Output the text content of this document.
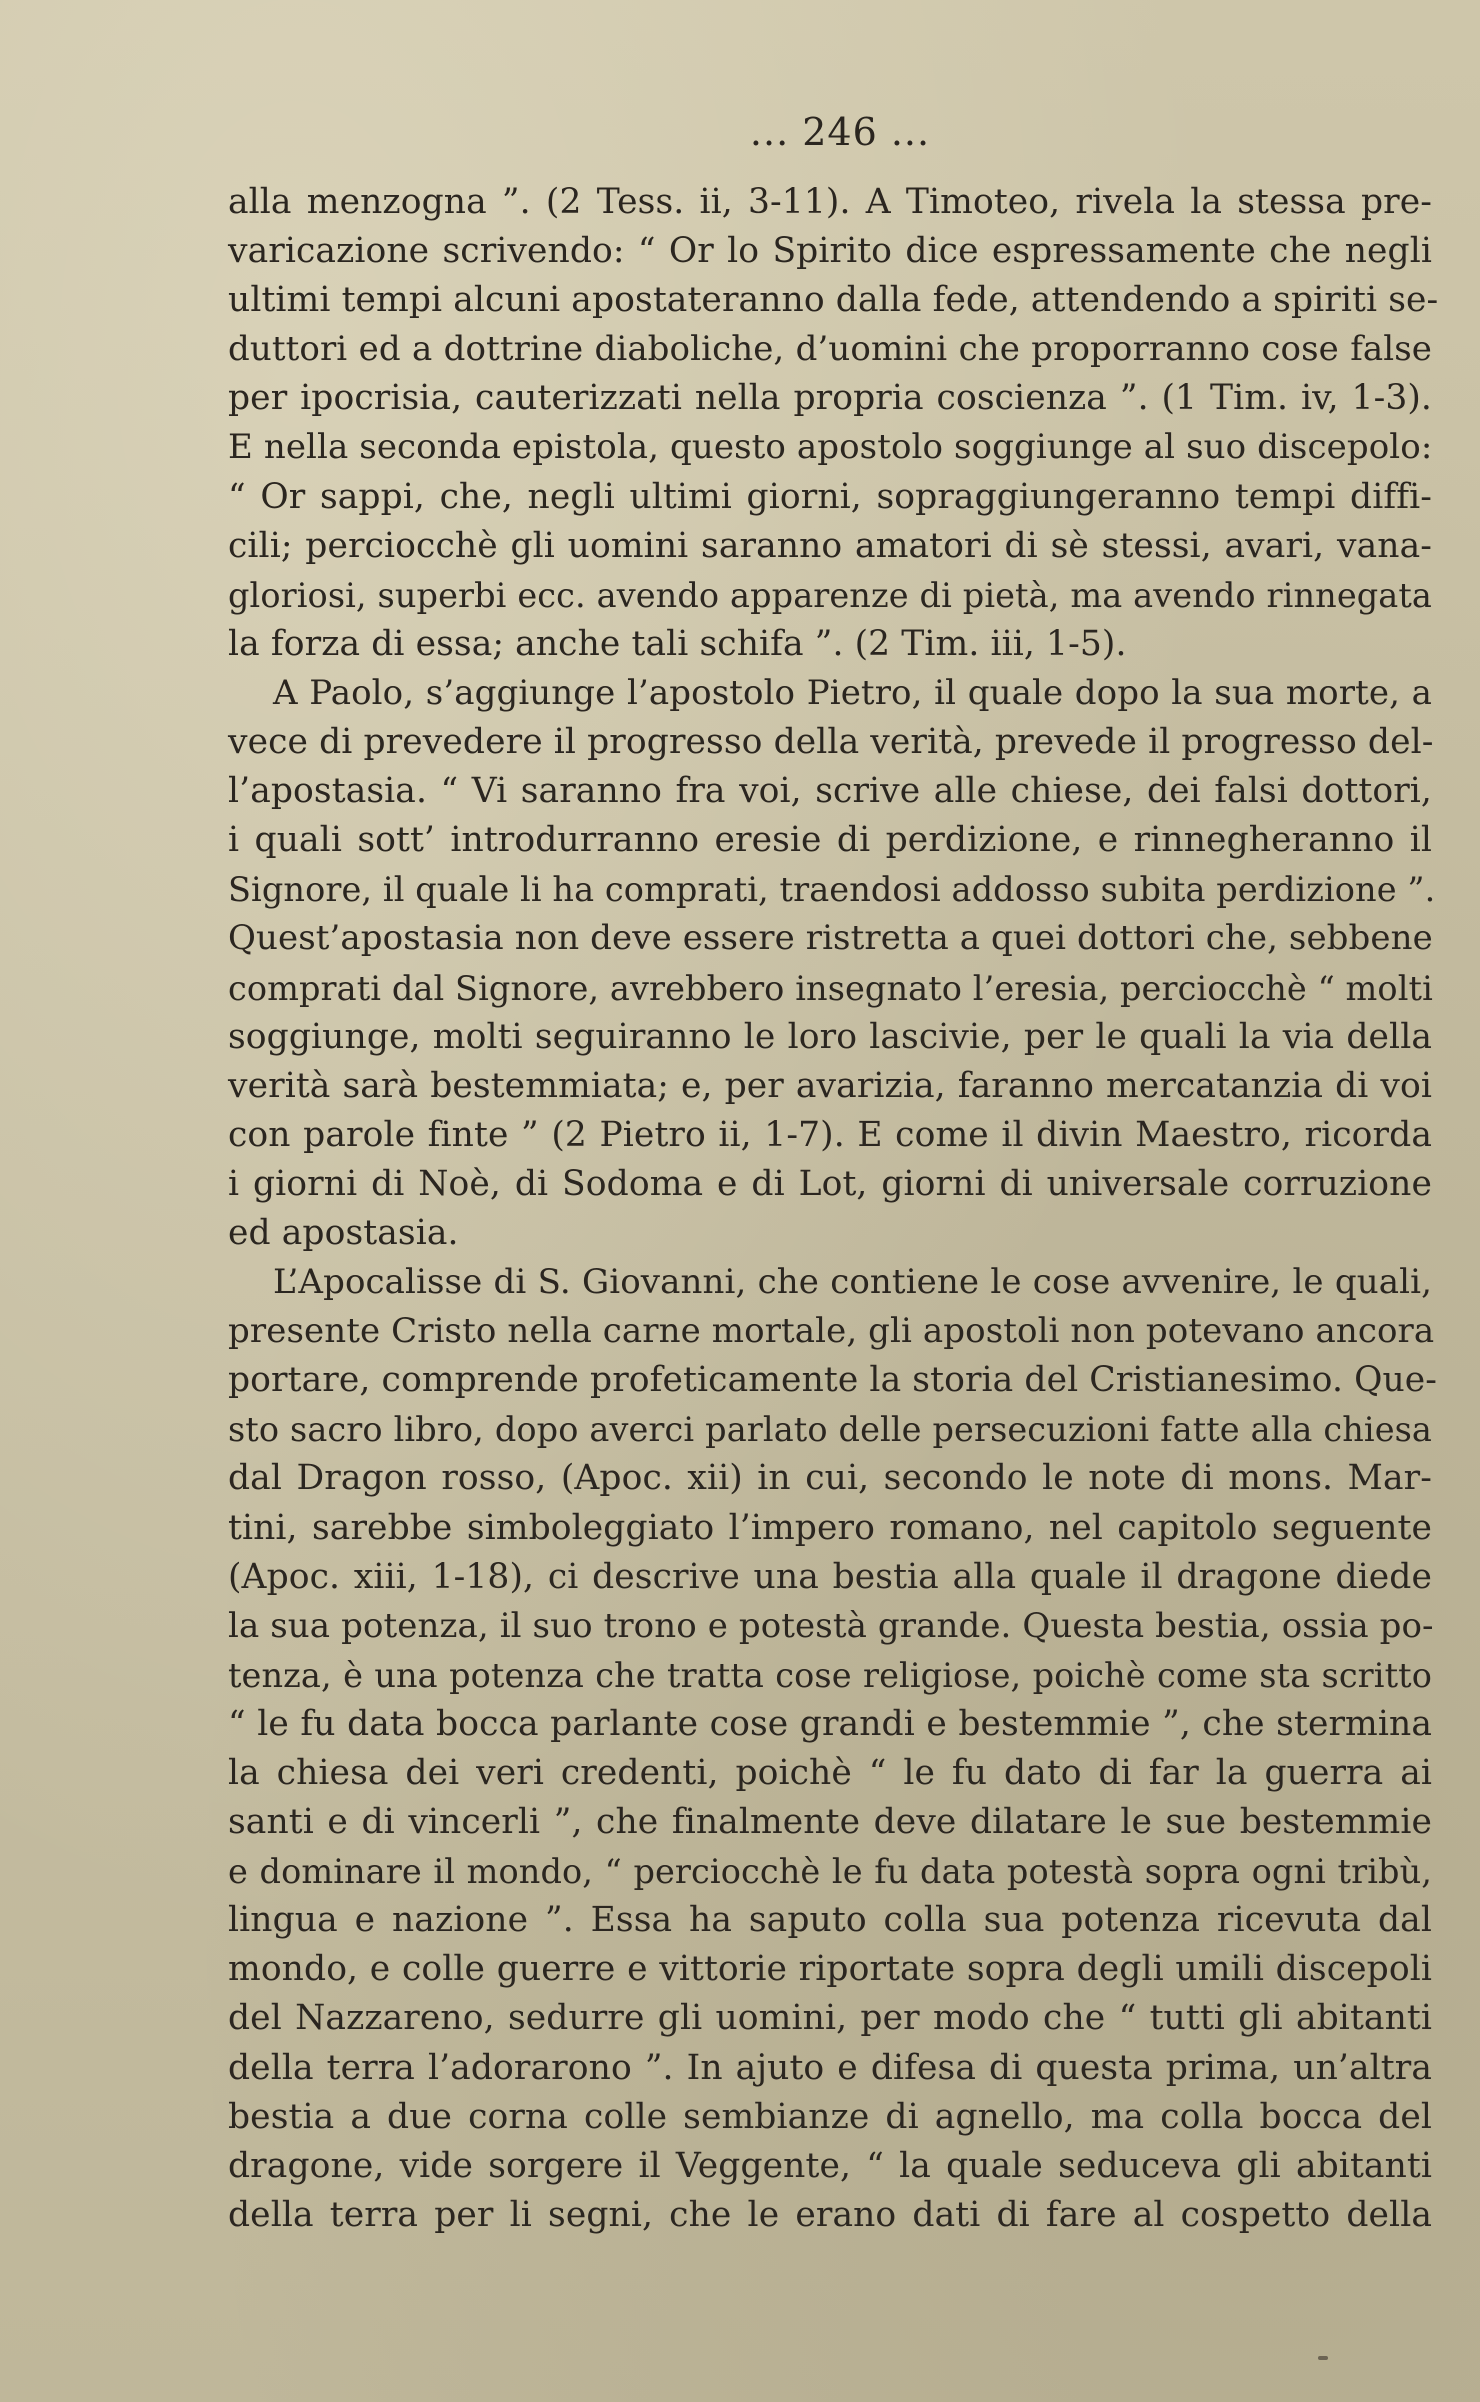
... 246 ...
alla menzogna ”. (2 Tess. ii, 3-11). A Timoteo, rivela la stessa pre-
varicazione scrivendo: “ Or lo Spirito dice espressamente che negli
ultimi tempi alcuni apostateranno dalla fede, attendendo a spiriti se-
duttori ed a dottrine diaboliche, d’uomini che proporranno cose false
per ipocrisia, cauterizzati nella propria coscienza ”. (1 Tim. iv, 1-3).
E nella seconda epistola, questo apostolo soggiunge al suo discepolo:
“ Or sappi, che, negli ultimi giorni, sopraggiungeranno tempi diffi-
cili; perciocchè gli uomini saranno amatori di sè stessi, avari, vana-
gloriosi, superbi ecc. avendo apparenze di pietà, ma avendo rinnegata
la forza di essa; anche tali schifa ”. (2 Tim. iii, 1-5).
A Paolo, s’aggiunge l’apostolo Pietro, il quale dopo la sua morte, a
vece di prevedere il progresso della verità, prevede il progresso del-
l’apostasia. “ Vi saranno fra voi, scrive alle chiese, dei falsi dottori,
i quali sott’ introdurranno eresie di perdizione, e rinnegheranno il
Signore, il quale li ha comprati, traendosi addosso subita perdizione ”.
Quest’apostasia non deve essere ristretta a quei dottori che, sebbene
comprati dal Signore, avrebbero insegnato l’eresia, perciocchè “ molti
soggiunge, molti seguiranno le loro lascivie, per le quali la via della
verità sarà bestemmiata; e, per avarizia, faranno mercatanzia di voi
con parole finte ” (2 Pietro ii, 1-7). E come il divin Maestro, ricorda
i giorni di Noè, di Sodoma e di Lot, giorni di universale corruzione
ed apostasia.
L’Apocalisse di S. Giovanni, che contiene le cose avvenire, le quali,
presente Cristo nella carne mortale, gli apostoli non potevano ancora
portare, comprende profeticamente la storia del Cristianesimo. Que-
sto sacro libro, dopo averci parlato delle persecuzioni fatte alla chiesa
dal Dragon rosso, (Apoc. xii) in cui, secondo le note di mons. Mar-
tini, sarebbe simboleggiato l’impero romano, nel capitolo seguente
(Apoc. xiii, 1-18), ci descrive una bestia alla quale il dragone diede
la sua potenza, il suo trono e potestà grande. Questa bestia, ossia po-
tenza, è una potenza che tratta cose religiose, poichè come sta scritto
“ le fu data bocca parlante cose grandi e bestemmie ”, che stermina
la chiesa dei veri credenti, poichè “ le fu dato di far la guerra ai
santi e di vincerli ”, che finalmente deve dilatare le sue bestemmie
e dominare il mondo, “ perciocchè le fu data potestà sopra ogni tribù,
lingua e nazione ”. Essa ha saputo colla sua potenza ricevuta dal
mondo, e colle guerre e vittorie riportate sopra degli umili discepoli
del Nazzareno, sedurre gli uomini, per modo che “ tutti gli abitanti
della terra l’adorarono ”. In ajuto e difesa di questa prima, un’altra
bestia a due corna colle sembianze di agnello, ma colla bocca del
dragone, vide sorgere il Veggente, “ la quale seduceva gli abitanti
della terra per li segni, che le erano dati di fare al cospetto della
